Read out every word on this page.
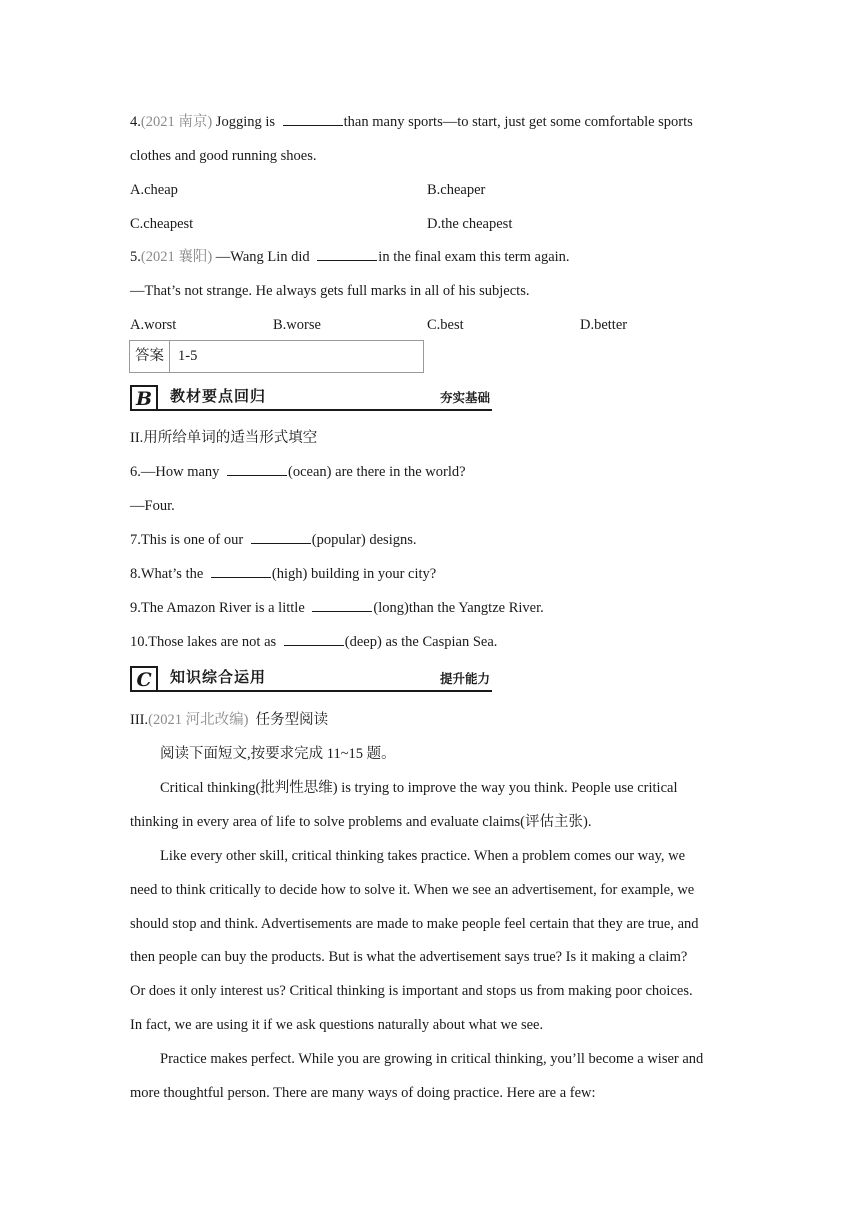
4.(2021 南京) Jogging is	than many sports—to start, just get some comfortable sports
clothes and good running shoes.
A.cheap	B.cheaper
C.cheapest	D.the cheapest
5.(2021 襄阳) —Wang Lin did	in the final exam this term again.
—That’s not strange. He always gets full marks in all of his subjects.
A.worst	B.worse	C.best	D.better
答案 1-5
B 教材要点回归	夯实基础
II.用所给单词的适当形式填空
6.—How many	(ocean) are there in the world?
—Four.
7.This is one of our	(popular) designs.
8.What’s the	(high) building in your city?
9.The Amazon River is a little	(long)than the Yangtze River.
10.Those lakes are not as	(deep) as the Caspian Sea.
C 知识综合运用	提升能力
III.(2021 河北改编)  任务型阅读
阅读下面短文,按要求完成 11~15 题。
Critical thinking(批判性思维) is trying to improve the way you think. People use critical
thinking in every area of life to solve problems and evaluate claims(评估主张).
Like every other skill, critical thinking takes practice. When a problem comes our way, we
need to think critically to decide how to solve it. When we see an advertisement, for example, we
should stop and think. Advertisements are made to make people feel certain that they are true, and
then people can buy the products. But is what the advertisement says true? Is it making a claim?
Or does it only interest us? Critical thinking is important and stops us from making poor choices.
In fact, we are using it if we ask questions naturally about what we see.
Practice makes perfect. While you are growing in critical thinking, you’ll become a wiser and
more thoughtful person. There are many ways of doing practice. Here are a few:
